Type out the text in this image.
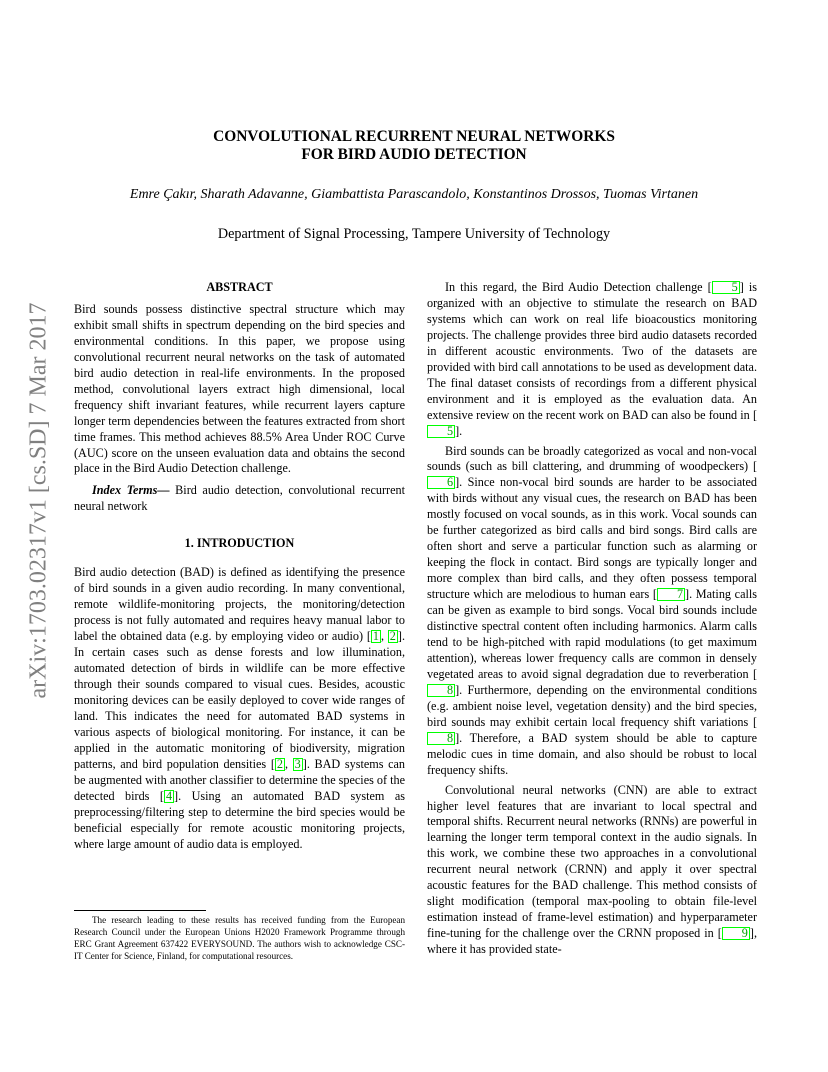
arXiv:1703.02317v1 [cs.SD] 7 Mar 2017
CONVOLUTIONAL RECURRENT NEURAL NETWORKS
FOR BIRD AUDIO DETECTION
Emre Çakır, Sharath Adavanne, Giambattista Parascandolo, Konstantinos Drossos, Tuomas Virtanen
Department of Signal Processing, Tampere University of Technology
ABSTRACT

Bird sounds possess distinctive spectral structure which may exhibit small shifts in spectrum depending on the bird species and environmental conditions. In this paper, we propose using convolutional recurrent neural networks on the task of automated bird audio detection in real-life environments. In the proposed method, convolutional layers extract high dimensional, local frequency shift invariant features, while recurrent layers capture longer term dependencies between the features extracted from short time frames. This method achieves 88.5% Area Under ROC Curve (AUC) score on the unseen evaluation data and obtains the second place in the Bird Audio Detection challenge.

Index Terms— Bird audio detection, convolutional recurrent neural network

1. INTRODUCTION

Bird audio detection (BAD) is defined as identifying the presence of bird sounds in a given audio recording. In many conventional, remote wildlife-monitoring projects, the monitoring/detection process is not fully automated and requires heavy manual labor to label the obtained data (e.g. by employing video or audio) [ 1 , 2 ]. In certain cases such as dense forests and low illumination, automated detection of birds in wildlife can be more effective through their sounds compared to visual cues. Besides, acoustic monitoring devices can be easily deployed to cover wide ranges of land. This indicates the need for automated BAD systems in various aspects of biological monitoring. For instance, it can be applied in the automatic monitoring of biodiversity, migration patterns, and bird population densities [ 2 , 3 ]. BAD systems can be augmented with another classifier to determine the species of the detected birds [ 4 ]. Using an automated BAD system as preprocessing/filtering step to determine the bird species would be beneficial especially for remote acoustic monitoring projects, where large amount of audio data is employed.

The research leading to these results has received funding from the European Research Council under the European Unions H2020 Framework Programme through ERC Grant Agreement 637422 EVERYSOUND. The authors wish to acknowledge CSC-IT Center for Science, Finland, for computational resources.

In this regard, the Bird Audio Detection challenge [ 5 ] is organized with an objective to stimulate the research on BAD systems which can work on real life bioacoustics monitoring projects. The challenge provides three bird audio datasets recorded in different acoustic environments. Two of the datasets are provided with bird call annotations to be used as development data. The final dataset consists of recordings from a different physical environment and it is employed as the evaluation data. An extensive review on the recent work on BAD can also be found in [5 ].

Bird sounds can be broadly categorized as vocal and non-vocal sounds (such as bill clattering, and drumming of woodpeckers) [6 ]. Since non-vocal bird sounds are harder to be associated with birds without any visual cues, the research on BAD has been mostly focused on vocal sounds, as in this work. Vocal sounds can be further categorized as bird calls and bird songs. Bird calls are often short and serve a particular function such as alarming or keeping the flock in contact. Bird songs are typically longer and more complex than bird calls, and they often possess temporal structure which are melodious to human ears [ 7 ]. Mating calls can be given as example to bird songs. Vocal bird sounds include distinctive spectral content often including harmonics. Alarm calls tend to be high-pitched with rapid modulations (to get maximum attention), whereas lower frequency calls are common in densely vegetated areas to avoid signal degradation due to reverberation [8 ]. Furthermore, depending on the environmental conditions (e.g. ambient noise level, vegetation density) and the bird species, bird sounds may exhibit certain local frequency shift variations [8 ]. Therefore, a BAD system should be able to capture melodic cues in time domain, and also should be robust to local frequency shifts.

Convolutional neural networks (CNN) are able to extract higher level features that are invariant to local spectral and temporal shifts. Recurrent neural networks (RNNs) are powerful in learning the longer term temporal context in the audio signals. In this work, we combine these two approaches in a convolutional recurrent neural network (CRNN) and apply it over spectral acoustic features for the BAD challenge. This method consists of slight modification (temporal max-pooling to obtain file-level estimation instead of frame-level estimation) and hyperparameter fine-tuning for the challenge over the CRNN proposed in [ 9 ], where it has provided state-
